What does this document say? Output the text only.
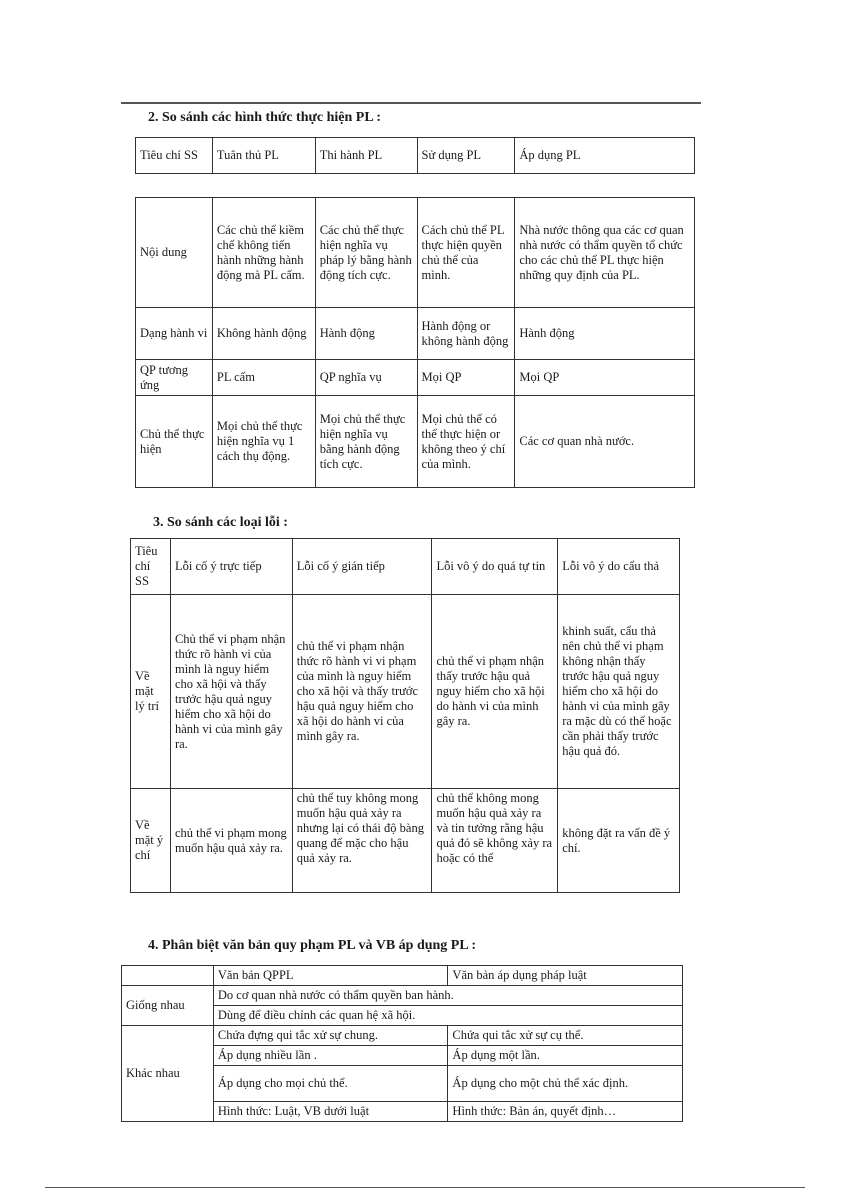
2. So sánh các hình thức thực hiện PL :
Tiêu chí SS	Tuân thủ PL	Thi hành PL	Sử dụng PL	Áp dụng PL
Nội dung	Các chủ thể kiềm chế không tiến hành những hành động mà PL cấm.	Các chủ thể thực hiện nghĩa vụ pháp lý bằng hành động tích cực.	Cách chủ thể PL thực hiện quyền chủ thể của mình.	Nhà nước thông qua các cơ quan nhà nước có thẩm quyền tổ chức cho các chủ thể PL thực hiện những quy định của PL.
Dạng hành vi	Không hành động	Hành động	Hành động or không hành động	Hành động
QP tương ứng	PL cấm	QP nghĩa vụ	Mọi QP	Mọi QP
Chủ thể thực hiện	Mọi chủ thể thực hiện nghĩa vụ 1 cách thụ động.	Mọi chủ thể thực hiện nghĩa vụ bằng hành động tích cực.	Mọi chủ thể có thể thực hiện or không theo ý chí của mình.	Các cơ quan nhà nước.
3. So sánh các loại lỗi :
Tiêu chí SS	Lỗi cố ý trực tiếp	Lỗi cố ý gián tiếp	Lỗi vô ý do quá tự tin	Lỗi vô ý do cẩu thả
Về mặt lý trí	Chủ thể vi phạm nhận thức rõ hành vi của mình là nguy hiểm cho xã hội và thấy trước hậu quả nguy hiểm cho xã hội do hành vi của mình gây ra.	chủ thể vi phạm nhận thức rõ hành vi vi phạm của mình là nguy hiểm cho xã hội và thấy trước hậu quả nguy hiểm cho xã hội do hành vi của mình gây ra.	chủ thể vi phạm nhận thấy trước hậu quả nguy hiểm cho xã hội do hành vi của mình gây ra.	khinh suất, cẩu thả nên chủ thể vi phạm không nhận thấy trước hậu quả nguy hiểm cho xã hội do hành vi của mình gây ra mặc dù có thể hoặc cần phải thấy trước hậu quả đó.
Về mặt ý chí	chủ thể vi phạm mong muốn hậu quả xảy ra.	chủ thể tuy không mong muốn hậu quả xảy ra nhưng lại có thái độ bàng quang để mặc cho hậu quả xảy ra.	chủ thể không mong muốn hậu quả xảy ra và tin tưởng rằng hậu quả đó sẽ không xảy ra hoặc có thể	không đặt ra vấn đề ý chí.
4. Phân biệt văn bản quy phạm PL và VB áp dụng PL :
	Văn bản QPPL	Văn bản áp dụng pháp luật
Giống nhau	Do cơ quan nhà nước có thẩm quyền ban hành.	
	Dùng để điều chỉnh các quan hệ xã hội.	
Khác nhau	Chứa đựng qui tắc xử sự chung.	Chứa qui tắc xử sự cụ thể.
	Áp dụng nhiều lần .	Áp dụng một lần.
	Áp dụng cho mọi chủ thể.	Áp dụng cho một chủ thể xác định.
	Hình thức: Luật, VB dưới luật	Hình thức: Bản án, quyết định…
